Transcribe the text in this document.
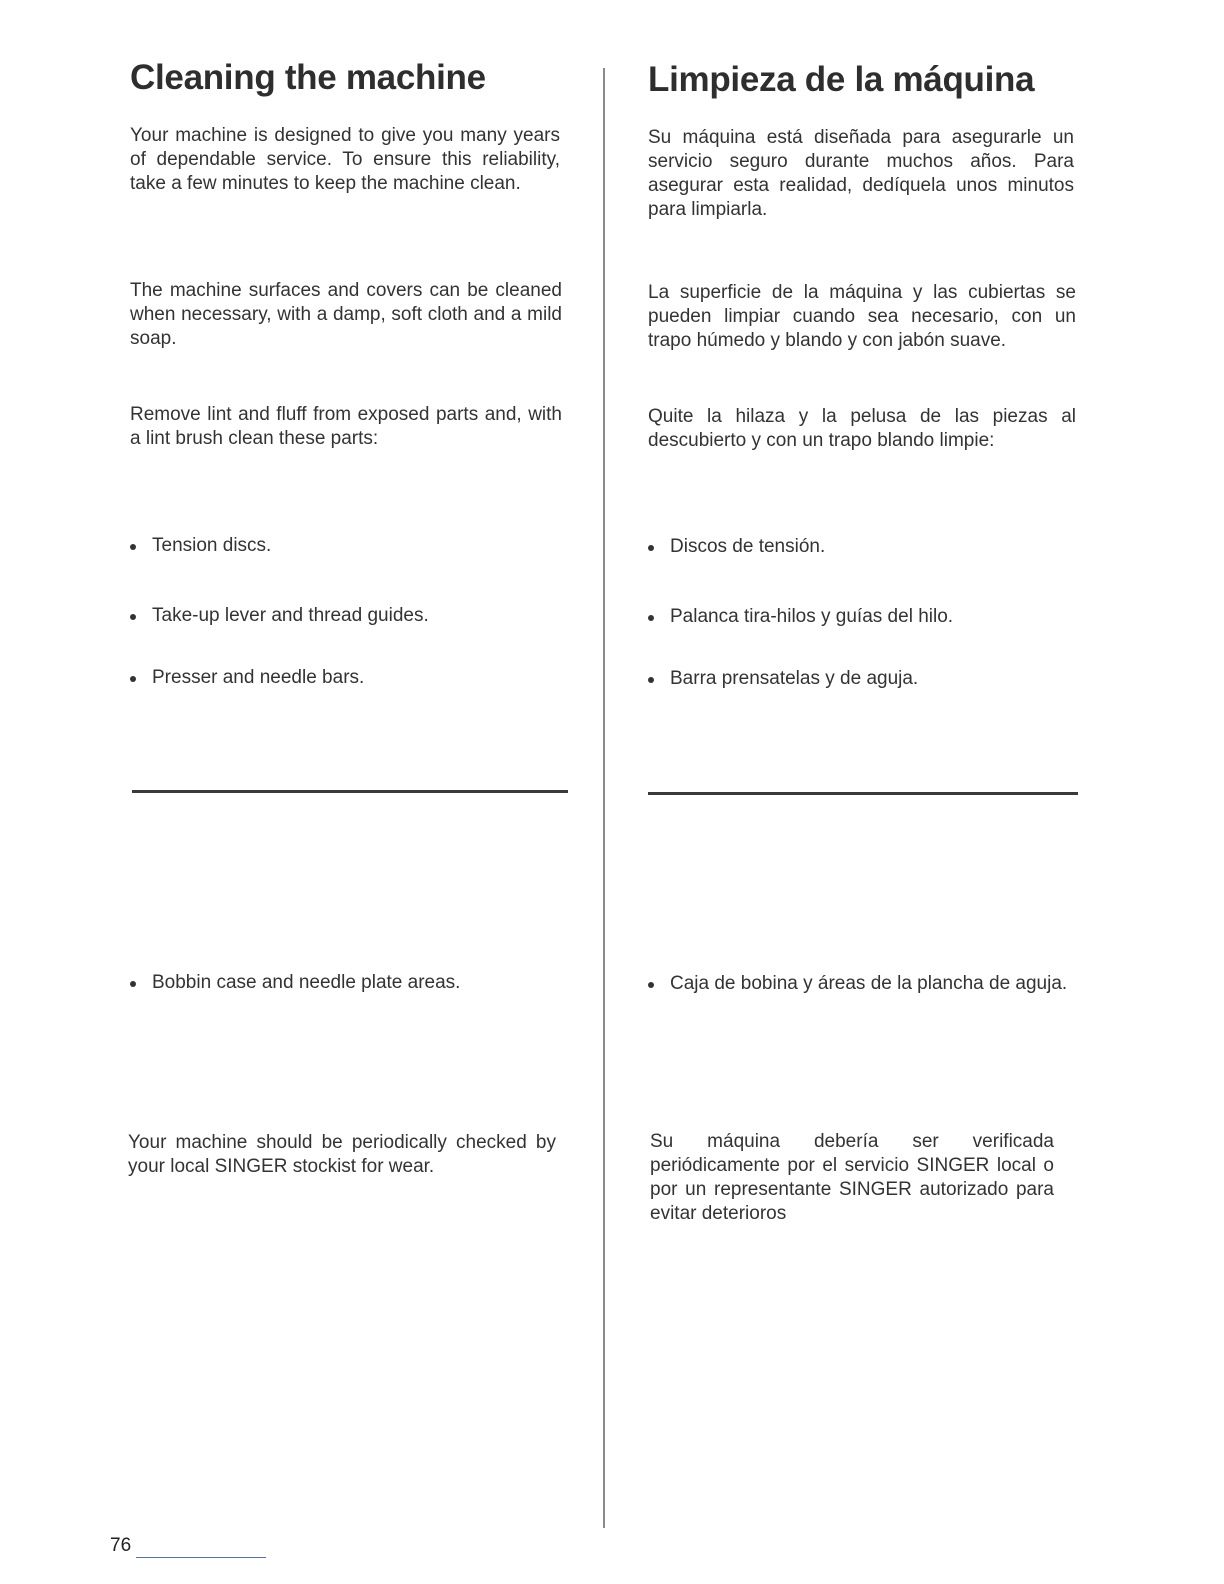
Cleaning the machine

Your machine is designed to give you many years of dependable service. To ensure this reliability, take a few minutes to keep the machine clean.

The machine surfaces and covers can be cleaned when necessary, with a damp, soft cloth and a mild soap.

Remove lint and fluff from exposed parts and, with a lint brush clean these parts:

Tension discs.
Take-up lever and thread guides.
Presser and needle bars.
Bobbin case and needle plate areas.

Your machine should be periodically checked by your local SINGER stockist for wear.

Limpieza de la máquina

Su máquina está diseñada para asegurarle un servicio seguro durante muchos años. Para asegurar esta realidad, dedíquela unos minutos para limpiarla.

La superficie de la máquina y las cubiertas se pueden limpiar cuando sea necesario, con un trapo húmedo y blando y con jabón suave.

Quite la hilaza y la pelusa de las piezas al descubierto y con un trapo blando limpie:

Discos de tensión.
Palanca tira-hilos y guías del hilo.
Barra prensatelas y de aguja.
Caja de bobina y áreas de la plancha de aguja.

Su máquina debería ser verificada periódicamente por el servicio SINGER local o por un representante SINGER autorizado para evitar deterioros

76
